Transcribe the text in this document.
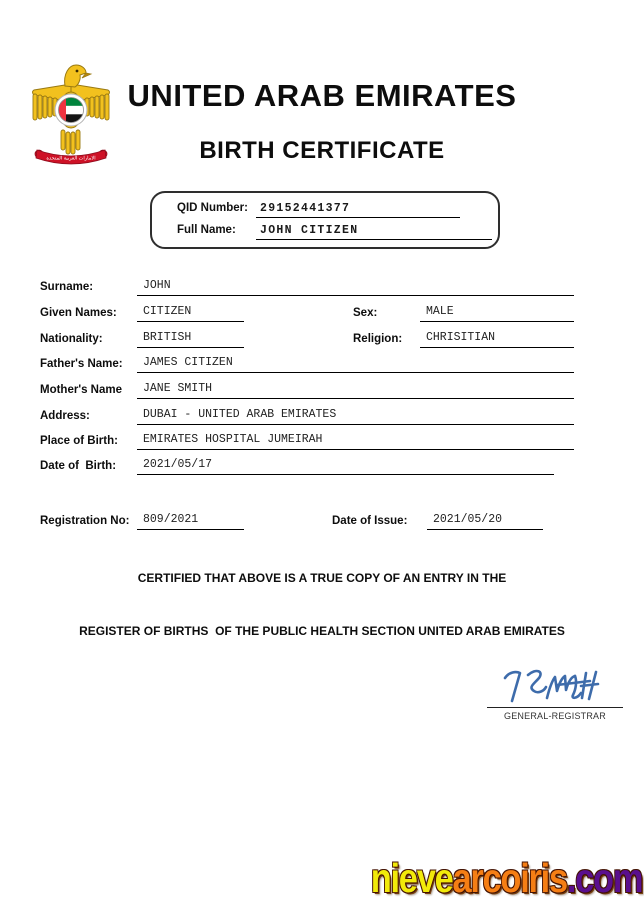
الامارات العربية المتحدة
UNITED ARAB EMIRATES
BIRTH CERTIFICATE
QID Number:	29152441377
Full Name:	JOHN CITIZEN
Surname:	JOHN
Given Names:	CITIZEN	Sex:	MALE
Nationality:	BRITISH	Religion:	CHRISITIAN
Father's Name:	JAMES CITIZEN
Mother's Name	JANE SMITH
Address:	DUBAI - UNITED ARAB EMIRATES
Place of Birth:	EMIRATES HOSPITAL JUMEIRAH
Date of  Birth:	2021/05/17
Registration No:	809/2021	Date of Issue:	2021/05/20
CERTIFIED THAT ABOVE IS A TRUE COPY OF AN ENTRY IN THE
REGISTER OF BIRTHS  OF THE PUBLIC HEALTH SECTION UNITED ARAB EMIRATES
GENERAL-REGISTRAR
nievearcoiris.com
